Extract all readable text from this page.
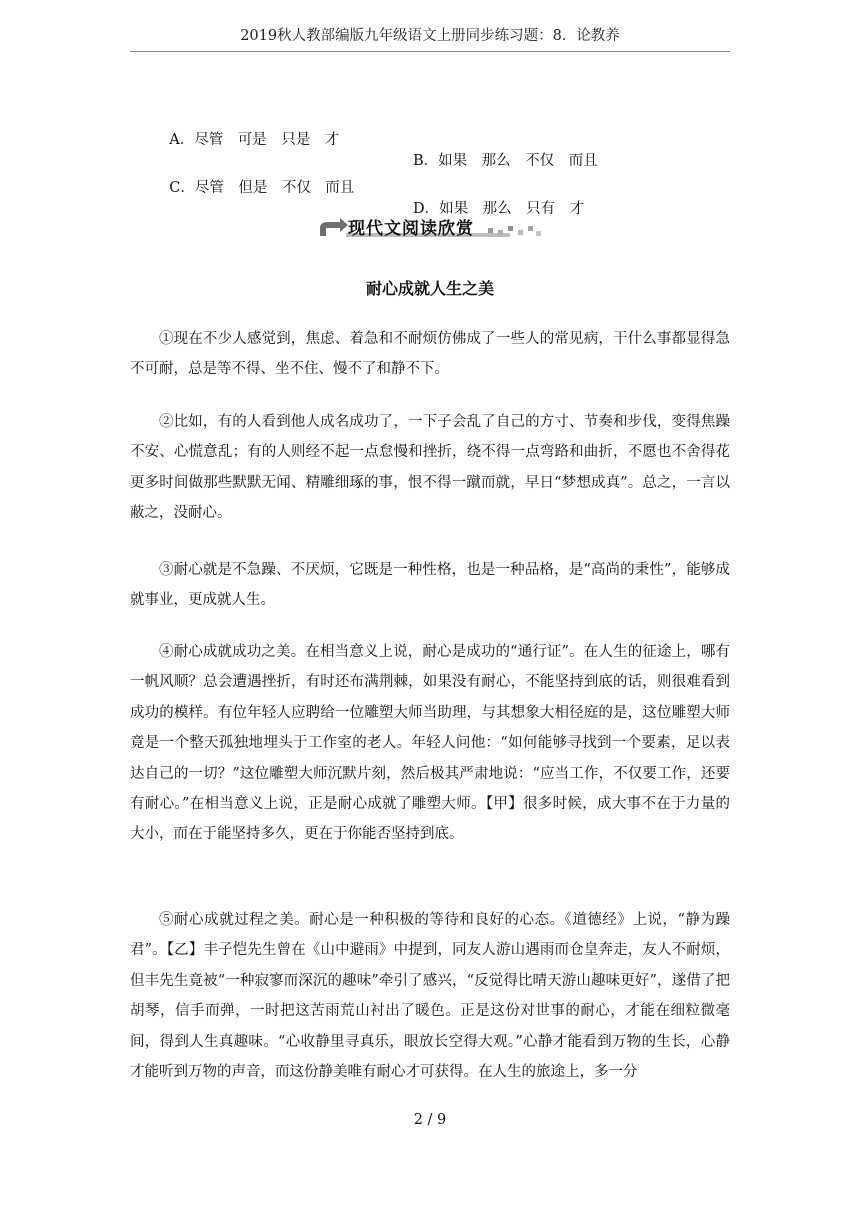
2019秋人教部编版九年级语文上册同步练习题：8．论教养

A．尽管　可是　只是　才

B．如果　那么　不仅　而且

C．尽管　但是　不仅　而且

D．如果　那么　只有　才

现代文阅读欣赏
耐心成就人生之美

①现在不少人感觉到，焦虑、着急和不耐烦仿佛成了一些人的常见病，干什么事都显得急不可耐，总是等不得、坐不住、慢不了和静不下。

②比如，有的人看到他人成名成功了，一下子会乱了自己的方寸、节奏和步伐，变得焦躁不安、心慌意乱；有的人则经不起一点怠慢和挫折，绕不得一点弯路和曲折，不愿也不舍得花更多时间做那些默默无闻、精雕细琢的事，恨不得一蹴而就，早日“梦想成真”。总之，一言以蔽之，没耐心。

③耐心就是不急躁、不厌烦，它既是一种性格，也是一种品格，是“高尚的秉性”，能够成就事业，更成就人生。

④耐心成就成功之美。在相当意义上说，耐心是成功的“通行证”。在人生的征途上，哪有一帆风顺？总会遭遇挫折，有时还布满荆棘，如果没有耐心，不能坚持到底的话，则很难看到成功的模样。有位年轻人应聘给一位雕塑大师当助理，与其想象大相径庭的是，这位雕塑大师竟是一个整天孤独地埋头于工作室的老人。年轻人问他：“如何能够寻找到一个要素，足以表达自己的一切？”这位雕塑大师沉默片刻，然后极其严肃地说：“应当工作，不仅要工作，还要有耐心。”在相当意义上说，正是耐心成就了雕塑大师。【甲】很多时候，成大事不在于力量的大小，而在于能坚持多久，更在于你能否坚持到底。

⑤耐心成就过程之美。耐心是一种积极的等待和良好的心态。《道德经》上说，“静为躁君”。【乙】丰子恺先生曾在《山中避雨》中提到，同友人游山遇雨而仓皇奔走，友人不耐烦，但丰先生竟被“一种寂寥而深沉的趣味”牵引了感兴，“反觉得比晴天游山趣味更好”，遂借了把胡琴，信手而弹，一时把这苦雨荒山衬出了暖色。正是这份对世事的耐心，才能在细粒微毫间，得到人生真趣味。“心收静里寻真乐，眼放长空得大观。”心静才能看到万物的生长，心静才能听到万物的声音，而这份静美唯有耐心才可获得。在人生的旅途上，多一分

2 / 9
